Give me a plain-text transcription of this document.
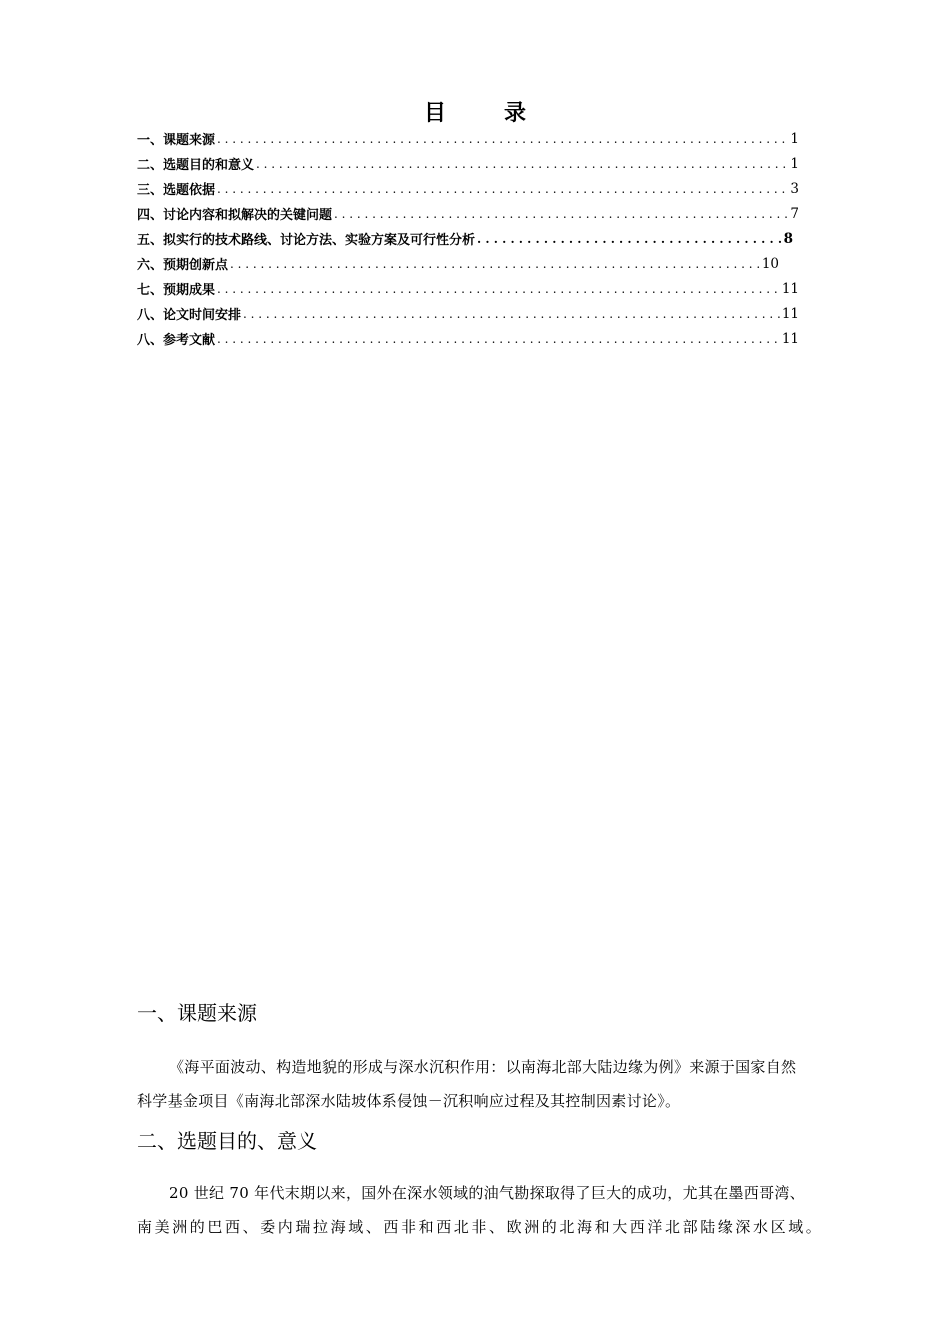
目　录
一、课题来源 . . .	1
二、选题目的和意义 . . .	1
三、选题依据 . . .	3
四、讨论内容和拟解决的关键问题 . . .	7
五、拟实行的技术路线、讨论方法、实验方案及可行性分析 . . .	8
六、预期创新点 . . .	10
七、预期成果 . . .	11
八、论文时间安排 . . .	11
八、参考文献 . . .	11
一、课题来源
《海平面波动、构造地貌的形成与深水沉积作用：以南海北部大陆边缘为例》来源于国家自然
科学基金项目《南海北部深水陆坡体系侵蚀－沉积响应过程及其控制因素讨论》。
二、选题目的、意义
20 世纪 70 年代末期以来，国外在深水领域的油气勘探取得了巨大的成功，尤其在墨西哥湾、
南美洲的巴西、委内瑞拉海域、西非和西北非、欧洲的北海和大西洋北部陆缘深水区域。
